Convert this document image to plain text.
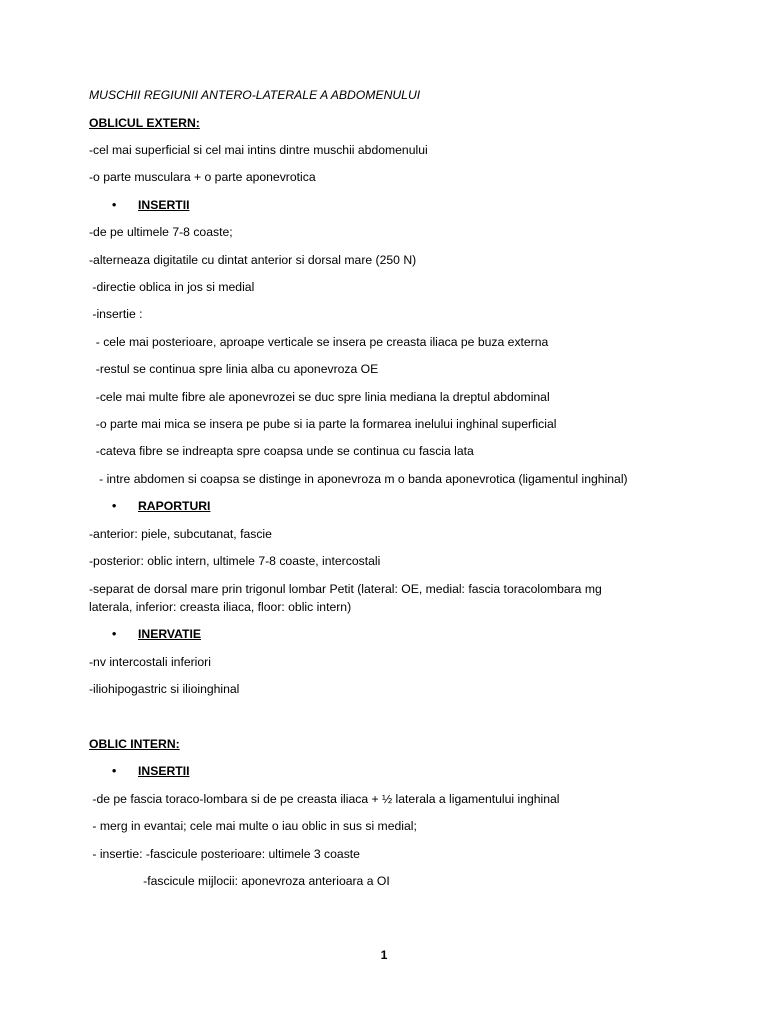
MUSCHII REGIUNII ANTERO-LATERALE A ABDOMENULUI
OBLICUL EXTERN:
-cel mai superficial si cel mai intins dintre muschii abdomenului
-o parte musculara + o parte aponevrotica
• INSERTII
-de pe ultimele 7-8 coaste;
-alterneaza digitatile cu dintat anterior si dorsal mare (250 N)
-directie oblica in jos si medial
-insertie :
- cele mai posterioare, aproape verticale se insera pe creasta iliaca pe buza externa
-restul se continua spre linia alba cu aponevroza OE
-cele mai multe fibre ale aponevrozei se duc spre linia mediana la dreptul abdominal
-o parte mai mica se insera pe pube si ia parte la formarea inelului inghinal superficial
-cateva fibre se indreapta spre coapsa unde se continua cu fascia lata
- intre abdomen si coapsa se distinge in aponevroza m o banda aponevrotica (ligamentul inghinal)
• RAPORTURI
-anterior: piele, subcutanat, fascie
-posterior: oblic intern, ultimele 7-8 coaste, intercostali
-separat de dorsal mare prin trigonul lombar Petit (lateral: OE, medial: fascia toracolombara mg
laterala, inferior: creasta iliaca, floor: oblic intern)
• INERVATIE
-nv intercostali inferiori
-iliohipogastric si ilioinghinal
OBLIC INTERN:
• INSERTII
-de pe fascia toraco-lombara si de pe creasta iliaca + ½ laterala a ligamentului inghinal
- merg in evantai; cele mai multe o iau oblic in sus si medial;
- insertie: -fascicule posterioare: ultimele 3 coaste
-fascicule mijlocii: aponevroza anterioara a OI
1
